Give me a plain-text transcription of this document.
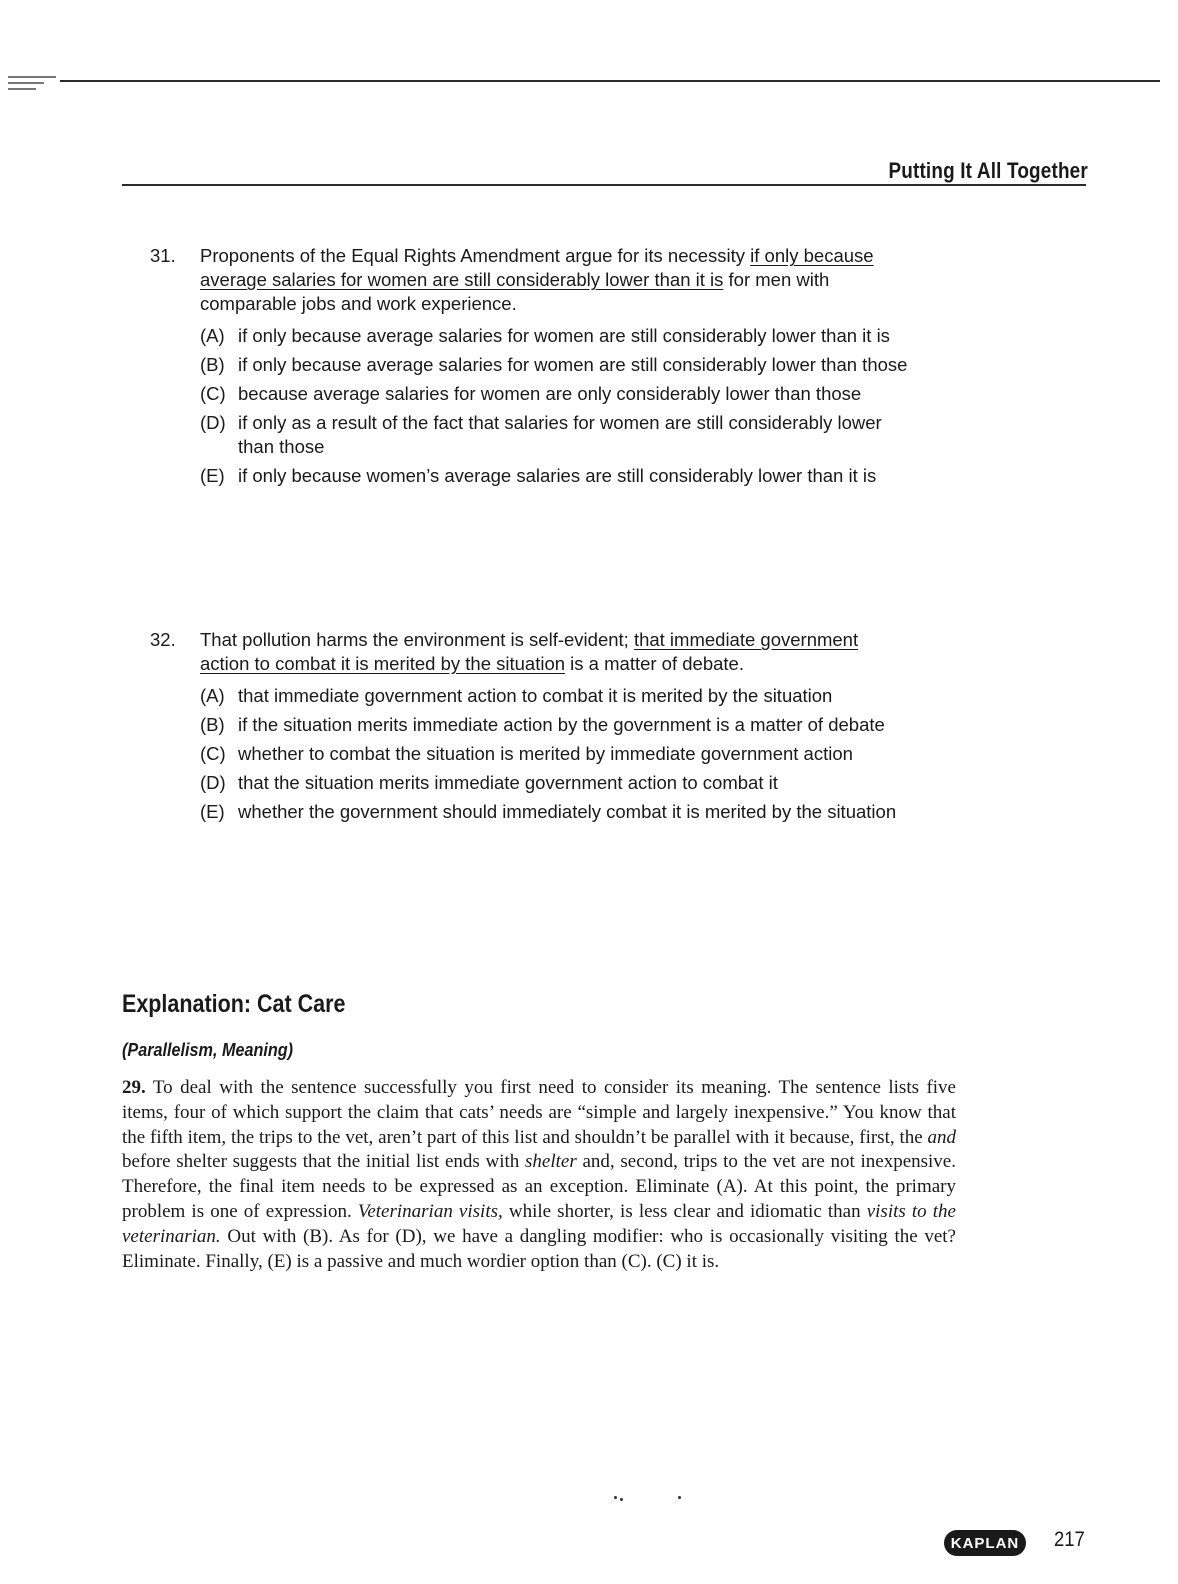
Putting It All Together
31.	Proponents of the Equal Rights Amendment argue for its necessity if only because average salaries for women are still considerably lower than it is for men with comparable jobs and work experience.
(A) if only because average salaries for women are still considerably lower than it is
(B) if only because average salaries for women are still considerably lower than those
(C) because average salaries for women are only considerably lower than those
(D) if only as a result of the fact that salaries for women are still considerably lower than those
(E) if only because women’s average salaries are still considerably lower than it is
32.	That pollution harms the environment is self-evident; that immediate government action to combat it is merited by the situation is a matter of debate.
(A) that immediate government action to combat it is merited by the situation
(B) if the situation merits immediate action by the government is a matter of debate
(C) whether to combat the situation is merited by immediate government action
(D) that the situation merits immediate government action to combat it
(E) whether the government should immediately combat it is merited by the situation
Explanation: Cat Care
(Parallelism, Meaning)
29. To deal with the sentence successfully you first need to consider its meaning. The sentence lists five items, four of which support the claim that cats’ needs are “simple and largely inexpensive.” You know that the fifth item, the trips to the vet, aren’t part of this list and shouldn’t be parallel with it because, first, the and before shelter suggests that the initial list ends with shelter and, second, trips to the vet are not inexpensive. Therefore, the final item needs to be expressed as an exception. Eliminate (A). At this point, the primary problem is one of expression. Veterinarian visits, while shorter, is less clear and idiomatic than visits to the veterinarian. Out with (B). As for (D), we have a dangling modifier: who is occasionally visiting the vet? Eliminate. Finally, (E) is a passive and much wordier option than (C). (C) it is.
KAPLAN 217
